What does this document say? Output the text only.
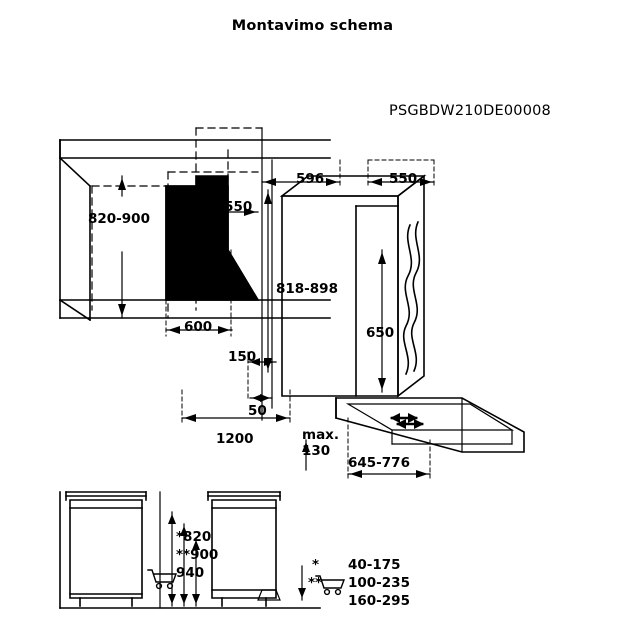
Montavimo schema
PSGBDW210DE00008
820-900
min. 550
600
596	550
818-898
650
150
50
1200	max.
130
645-776
*820
**900
940	* 40-175
** 100-235
160-295
